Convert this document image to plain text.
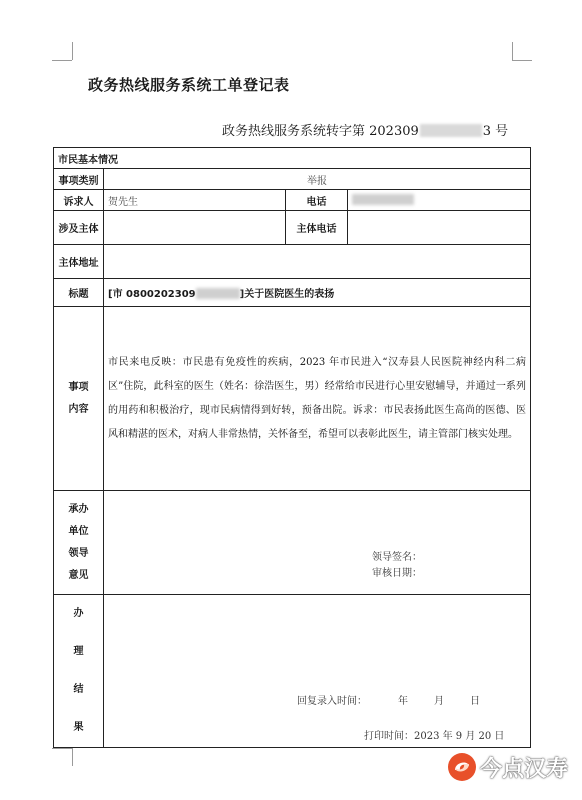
政务热线服务系统工单登记表
政务热线服务系统转字第 202309	3 号
市民基本情况			
事项类别	举报		
诉求人	贺先生	电话	
涉及主体		主体电话	
主体地址			
标题	[市 0800202309 ]关于医院医生的表扬		

事项
内容	市民来电反映：市民患有免疫性的疾病，2023 年市民进入“汉寿县人民医院神经内科二病区”住院，此科室的医生（姓名：徐浩医生，男）经常给市民进行心里安慰辅导，并通过一系列的用药和积极治疗，现市民病情得到好转，预备出院。诉求：市民表扬此医生高尚的医德、医风和精湛的医术，对病人非常热情，关怀备至，希望可以表彰此医生，请主管部门核实处理。		

承办
单位
领导
意见			

办
理
结
果			

领导签名：
审核日期：
回复录入时间：	年	月	日
打印时间：2023 年 9 月 20 日
今点汉寿
